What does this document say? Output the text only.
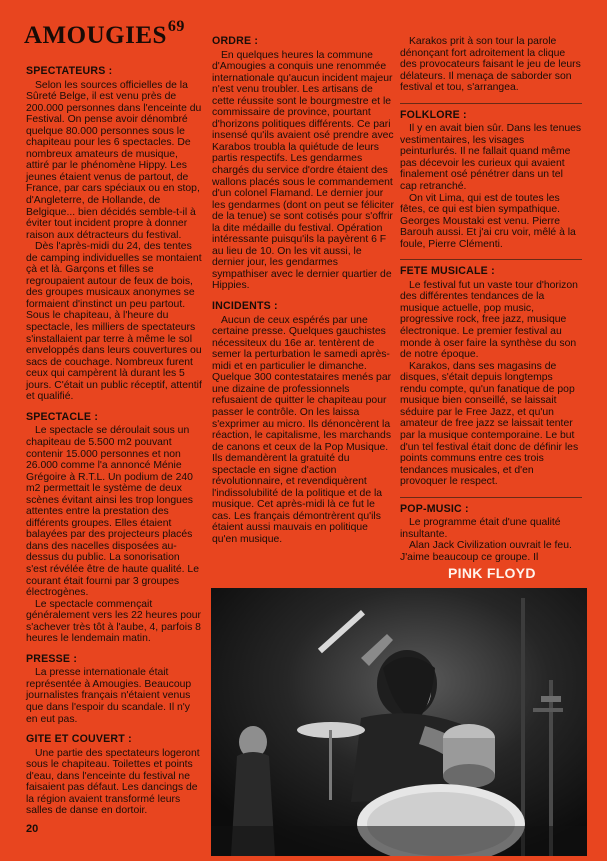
AMOUGIES$^{69}$
SPECTATEURS :

Selon les sources officielles de la Sûreté Belge, il est venu près de 200.000 personnes dans l'enceinte du Festival. On pense avoir dénombré quelque 80.000 personnes sous le chapiteau pour les 6 spectacles. De nombreux amateurs de musique, attiré par le phénomène Hippy. Les jeunes étaient venus de partout, de France, par cars spéciaux ou en stop, d'Angleterre, de Hollande, de Belgique... bien décidés semble-t-il à éviter tout incident propre à donner raison aux détracteurs du festival.

Dès l'après-midi du 24, des tentes de camping individuelles se montaient çà et là. Garçons et filles se regroupaient autour de feux de bois, des groupes musicaux anonymes se formaient d'instinct un peu partout. Sous le chapiteau, à l'heure du spectacle, les milliers de spectateurs s'installaient par terre à même le sol enveloppés dans leurs couvertures ou sacs de couchage. Nombreux furent ceux qui campèrent là durant les 5 jours. C'était un public réceptif, attentif et qualifié.

SPECTACLE :

Le spectacle se déroulait sous un chapiteau de 5.500 m2 pouvant contenir 15.000 personnes et non 26.000 comme l'a annoncé Ménie Grégoire à R.T.L. Un podium de 240 m2 permettait le système de deux scènes évitant ainsi les trop longues attentes entre la prestation des différents groupes. Elles étaient balayées par des projecteurs placés dans des nacelles disposées au-dessus du public. La sonorisation s'est révélée être de haute qualité. Le courant était fourni par 3 groupes électrogènes.

Le spectacle commençait généralement vers les 22 heures pour s'achever très tôt à l'aube, 4, parfois 8 heures le lendemain matin.

PRESSE :

La presse internationale était représentée à Amougies. Beaucoup journalistes français n'étaient venus que dans l'espoir du scandale. Il n'y en eut pas.

GITE ET COUVERT :

Une partie des spectateurs logeront sous le chapiteau. Toilettes et points d'eau, dans l'enceinte du festival ne faisaient pas défaut. Les dancings de la région avaient transformé leurs salles de danse en dortoir.

ORDRE :

En quelques heures la commune d'Amougies a conquis une renommée internationale qu'aucun incident majeur n'est venu troubler. Les artisans de cette réussite sont le bourgmestre et le commissaire de province, pourtant d'horizons politiques différents. Ce pari insensé qu'ils avaient osé prendre avec Karabos troubla la quiétude de leurs partis respectifs. Les gendarmes chargés du service d'ordre étaient des wallons placés sous le commandement d'un colonel Flamand. Le dernier jour les gendarmes (dont on peut se féliciter de la tenue) se sont cotisés pour s'offrir la dite médaille du festival. Opération intéressante puisqu'ils la payèrent 6 F au lieu de 10. On les vit aussi, le dernier jour, les gendarmes sympathiser avec le dernier quartier de Hippies.

INCIDENTS :

Aucun de ceux espérés par une certaine presse. Quelques gauchistes nécessiteux du 16e ar. tentèrent de semer la perturbation le samedi après-midi et en particulier le dimanche. Quelque 300 contestataires menés par une dizaine de professionnels refusaient de quitter le chapiteau pour passer le contrôle. On les laissa s'exprimer au micro. Ils dénoncèrent la réaction, le capitalisme, les marchands de canons et ceux de la Pop Musique. Ils demandèrent la gratuité du spectacle en signe d'action révolutionnaire, et revendiquèrent l'indissolubilité de la politique et de la musique. Cet après-midi là ce fut le cas. Les français démontrèrent qu'ils étaient aussi mauvais en politique qu'en musique.

Karakos prit à son tour la parole dénonçant fort adroitement la clique des provocateurs faisant le jeu de leurs délateurs. Il menaça de saborder son festival et tou, s'arrangea.

FOLKLORE :

Il y en avait bien sûr. Dans les tenues vestimentaires, les visages peinturlurés. Il ne fallait quand même pas décevoir les curieux qui avaient finalement osé pénétrer dans un tel cap retranché.

On vit Lima, qui est de toutes les fêtes, ce qui est bien sympathique. Georges Moustaki est venu. Pierre Barouh aussi. Et j'ai cru voir, mêlé à la foule, Pierre Clémenti.

FETE MUSICALE :

Le festival fut un vaste tour d'horizon des différentes tendances de la musique actuelle, pop music, progressive rock, free jazz, musique électronique. Le premier festival au monde à oser faire la synthèse du son de notre époque.

Karakos, dans ses magasins de disques, s'était depuis longtemps rendu compte, qu'un fanatique de pop musique bien conseillé, se laissait séduire par le Free Jazz, et qu'un amateur de free jazz se laissait tenter par la musique contemporaine. Le but d'un tel festival était donc de définir les points communs entre ces trois tendances musicales, et d'en provoquer le respect.

POP-MUSIC :

Le programme était d'une qualité insultante.

Alan Jack Civilization ouvrait le feu. J'aime beaucoup ce groupe. Il

PINK FLOYD
20
